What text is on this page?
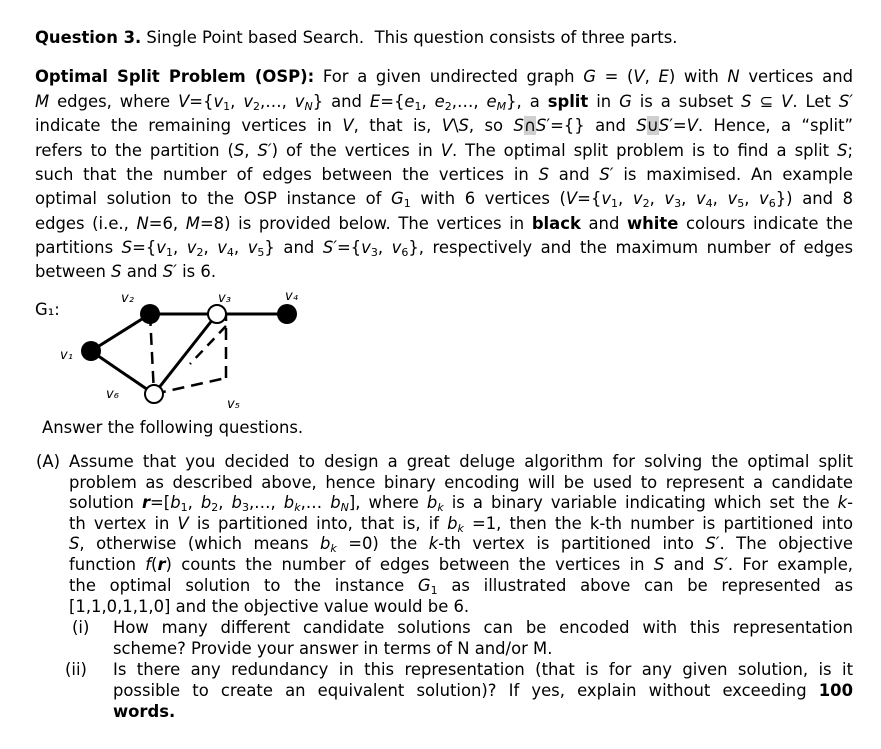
Question 3. Single Point based Search. This question consists of three parts.
Optimal Split Problem (OSP): For a given undirected graph G = (V, E) with N vertices and
M edges, where $V=\{v_1$, $v_2,\dots$, $v_N$} and $E=\{e_1$, $e_2,\dots$, $e_M$}, a split in G is a subset S ⊆ V. Let S′
indicate the remaining vertices in V, that is, V\S, so S∩S′={} and S∪S′=V. Hence, a “split”
refers to the partition (S, S′) of the vertices in V. The optimal split problem is to find a split S;
such that the number of edges between the vertices in S and S′ is maximised. An example
optimal solution to the OSP instance of $G_1$ with 6 vertices ($V=\{v_1$, $v_2$, $v_3$, $v_4$, $v_5$, $v_6$}) and 8
edges (i.e., N=6, M=8) is provided below. The vertices in black and white colours indicate the
partitions $S=\{v_1$, $v_2$, $v_4$, $v_5$} and $S'=\{v_3$, $v_6$}, respectively and the maximum number of edges
between S and S′ is 6.
G₁:
v₁
v₂	v₃	v₄
v₅
v₆
Answer the following questions.
(A) Assume that you decided to design a great deluge algorithm for solving the optimal split
problem as described above, hence binary encoding will be used to represent a candidate
solution $r=[b_1$, $b_2$, $b_3,\dots$, $b_k,\dots$ $b_N$], where $b_k$ is a binary variable indicating which set the k-
th vertex in V is partitioned into, that is, if $b_k =1$, then the k-th number is partitioned into
S, otherwise (which means $b_k =0$) the k-th vertex is partitioned into S′. The objective
function f(r) counts the number of edges between the vertices in S and S′. For example,
the optimal solution to the instance $G_1$ as illustrated above can be represented as
[1,1,0,1,1,0] and the objective value would be 6.
(i) How many different candidate solutions can be encoded with this representation
scheme? Provide your answer in terms of N and/or M.
(ii) Is there any redundancy in this representation (that is for any given solution, is it
possible to create an equivalent solution)? If yes, explain without exceeding 100
words.
